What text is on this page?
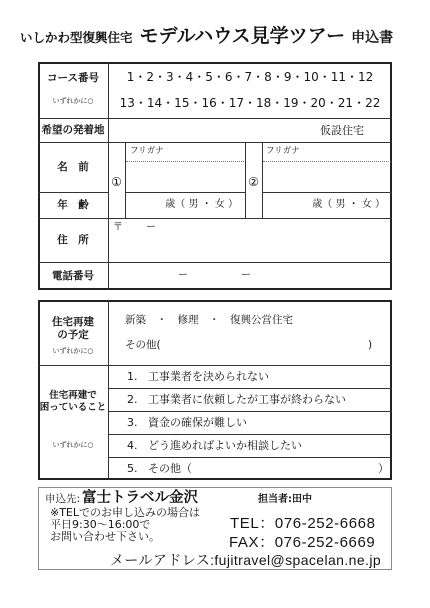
いしかわ型復興住宅 モデルハウス見学ツアー 申込書
コース番号
いずれかに○
1・2・3・4・5・6・7・8・9・10・11・12
13・14・15・16・17・18・19・20・21・22
希望の発着地	仮設住宅
名　前
①	②
フリガナ	フリガナ
年　齢	歳（ 男 ・ 女 ）	歳（ 男 ・ 女 ）
住　所
〒 ー
電話番号	ー	ー
住宅再建
の予定
いずれかに○
新築　・　修理　・　復興公営住宅
その他(	)
住宅再建で
困っていること
いずれかに○
1. 工事業者を決められない
2. 工事業者に依頼したが工事が終わらない
3. 資金の確保が難しい
4. どう進めればよいか相談したい
5. その他（	）
申込先: 富士トラベル金沢	担当者:田中
※TELでのお申し込みの場合は
平日9:30～16:00で
お問い合わせ下さい。
TEL：076-252-6668
FAX：076-252-6669
メールアドレス:fujitravel@spacelan.ne.jp
